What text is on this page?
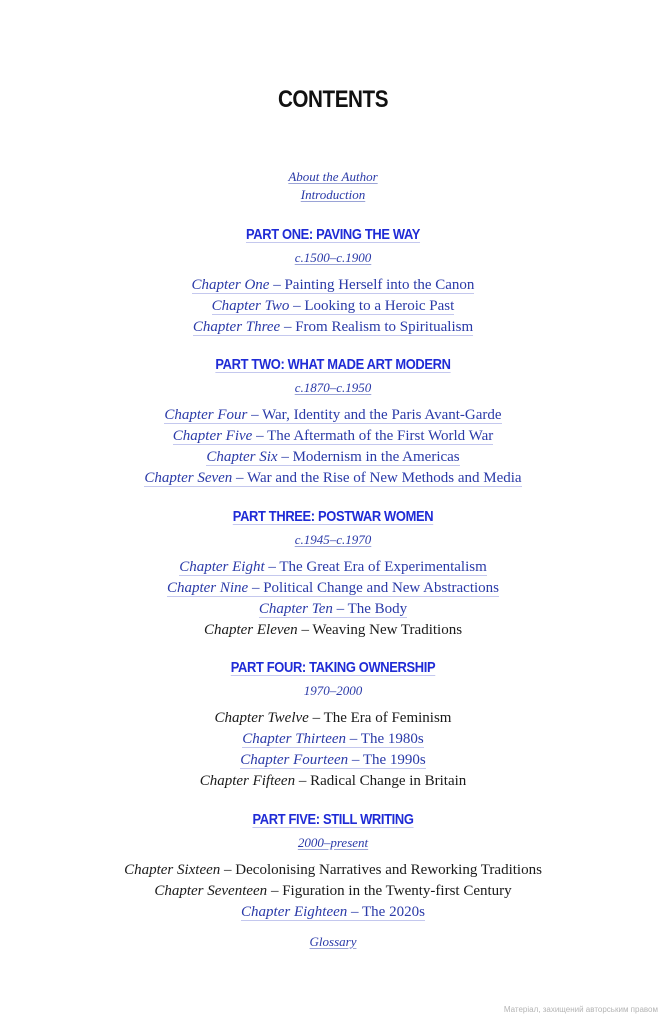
CONTENTS
About the Author
Introduction
PART ONE: PAVING THE WAY
c.1500–c.1900
Chapter One – Painting Herself into the Canon
Chapter Two – Looking to a Heroic Past
Chapter Three – From Realism to Spiritualism
PART TWO: WHAT MADE ART MODERN
c.1870–c.1950
Chapter Four – War, Identity and the Paris Avant-Garde
Chapter Five – The Aftermath of the First World War
Chapter Six – Modernism in the Americas
Chapter Seven – War and the Rise of New Methods and Media
PART THREE: POSTWAR WOMEN
c.1945–c.1970
Chapter Eight – The Great Era of Experimentalism
Chapter Nine – Political Change and New Abstractions
Chapter Ten – The Body
Chapter Eleven – Weaving New Traditions
PART FOUR: TAKING OWNERSHIP
1970–2000
Chapter Twelve – The Era of Feminism
Chapter Thirteen – The 1980s
Chapter Fourteen – The 1990s
Chapter Fifteen – Radical Change in Britain
PART FIVE: STILL WRITING
2000–present
Chapter Sixteen – Decolonising Narratives and Reworking Traditions
Chapter Seventeen – Figuration in the Twenty-first Century
Chapter Eighteen – The 2020s
Glossary
Матеріал, захищений авторським правом
